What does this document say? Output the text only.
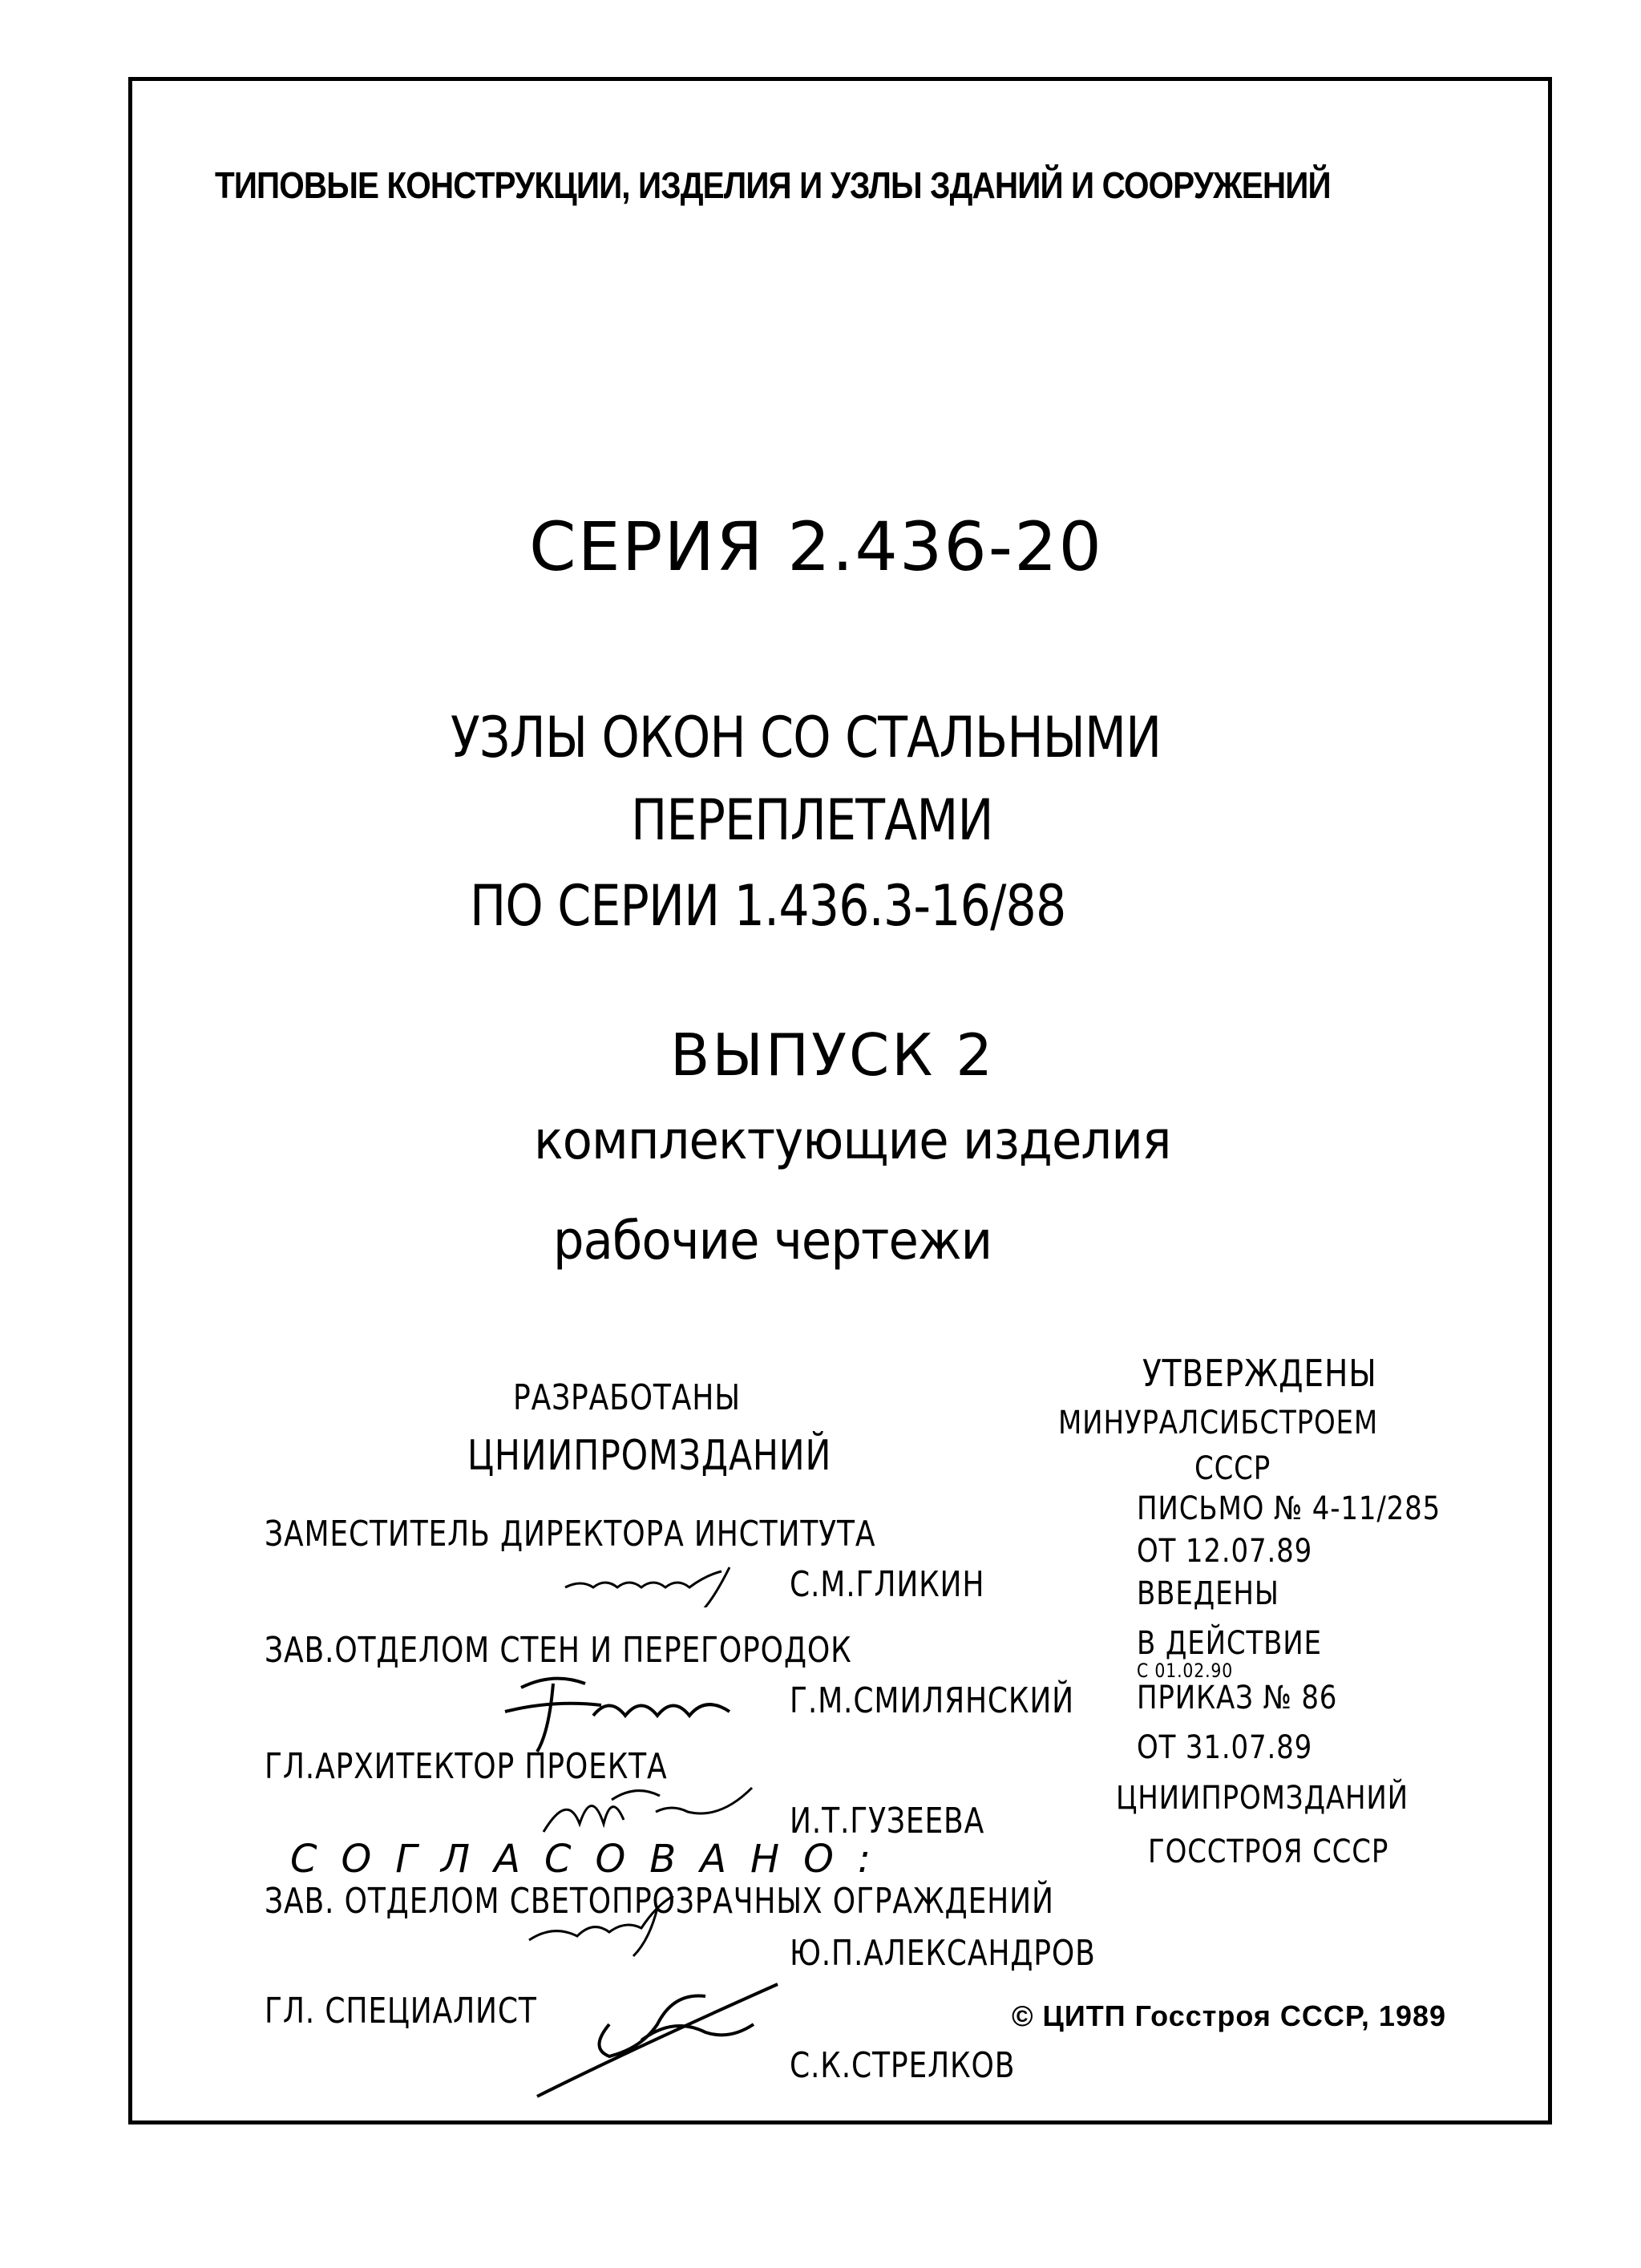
ТИПОВЫЕ КОНСТРУКЦИИ, ИЗДЕЛИЯ И УЗЛЫ ЗДАНИЙ И СООРУЖЕНИЙ
СЕРИЯ 2.436-20
УЗЛЫ ОКОН СО СТАЛЬНЫМИ
ПЕРЕПЛЕТАМИ
ПО СЕРИИ 1.436.3-16/88
ВЫПУСК 2
комплектующие изделия
рабочие чертежи
РАЗРАБОТАНЫ
ЦНИИПРОМЗДАНИЙ
ЗАМЕСТИТЕЛЬ ДИРЕКТОРА ИНСТИТУТА
С.М.ГЛИКИН
ЗАВ.ОТДЕЛОМ СТЕН И ПЕРЕГОРОДОК
Г.М.СМИЛЯНСКИЙ
ГЛ.АРХИТЕКТОР ПРОЕКТА
И.Т.ГУЗЕЕВА
СОГЛАСОВАНО:
ЗАВ. ОТДЕЛОМ СВЕТОПРОЗРАЧНЫХ ОГРАЖДЕНИЙ
Ю.П.АЛЕКСАНДРОВ
ГЛ. СПЕЦИАЛИСТ
С.К.СТРЕЛКОВ
УТВЕРЖДЕНЫ
МИНУРАЛСИБСТРОЕМ
СССР
ПИСЬМО № 4-11/285
ОТ 12.07.89
ВВЕДЕНЫ
В ДЕЙСТВИЕ
С 01.02.90
ПРИКАЗ № 86
ОТ 31.07.89
ЦНИИПРОМЗДАНИЙ
ГОССТРОЯ СССР
© ЦИТП Госстроя СССР, 1989
